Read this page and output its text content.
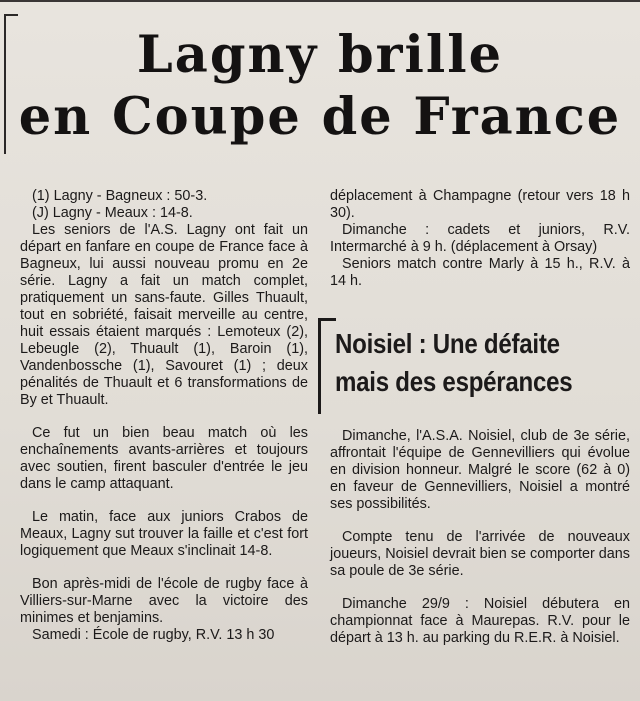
Lagny brille
en Coupe de France

(1) Lagny - Bagneux : 50-3.

(J) Lagny - Meaux : 14-8.

Les seniors de l'A.S. Lagny ont fait un départ en fanfare en coupe de France face à Bagneux, lui aussi nouveau promu en 2e série. Lagny a fait un match complet, pratiquement un sans-faute. Gilles Thuault, tout en sobriété, faisait merveille au centre, huit essais étaient marqués : Lemoteux (2), Lebeugle (2), Thuault (1), Baroin (1), Vandenbossche (1), Savouret (1) ; deux pénalités de Thuault et 6 transformations de By et Thuault.

Ce fut un bien beau match où les enchaînements avants-arrières et toujours avec soutien, firent basculer d'entrée le jeu dans le camp attaquant.

Le matin, face aux juniors Crabos de Meaux, Lagny sut trouver la faille et c'est fort logiquement que Meaux s'inclinait 14-8.

Bon après-midi de l'école de rugby face à Villiers-sur-Marne avec la victoire des minimes et benjamins.

Samedi : École de rugby, R.V. 13 h 30

déplacement à Champagne (retour vers 18 h 30).

Dimanche : cadets et juniors, R.V. Intermarché à 9 h. (déplacement à Orsay)

Seniors match contre Marly à 15 h., R.V. à 14 h.

Noisiel : Une défaite
mais des espérances

Dimanche, l'A.S.A. Noisiel, club de 3e série, affrontait l'équipe de Gennevilliers qui évolue en division honneur. Malgré le score (62 à 0) en faveur de Gennevilliers, Noisiel a montré ses possibilités.

Compte tenu de l'arrivée de nouveaux joueurs, Noisiel devrait bien se comporter dans sa poule de 3e série.

Dimanche 29/9 : Noisiel débutera en championnat face à Maurepas. R.V. pour le départ à 13 h. au parking du R.E.R. à Noisiel.
